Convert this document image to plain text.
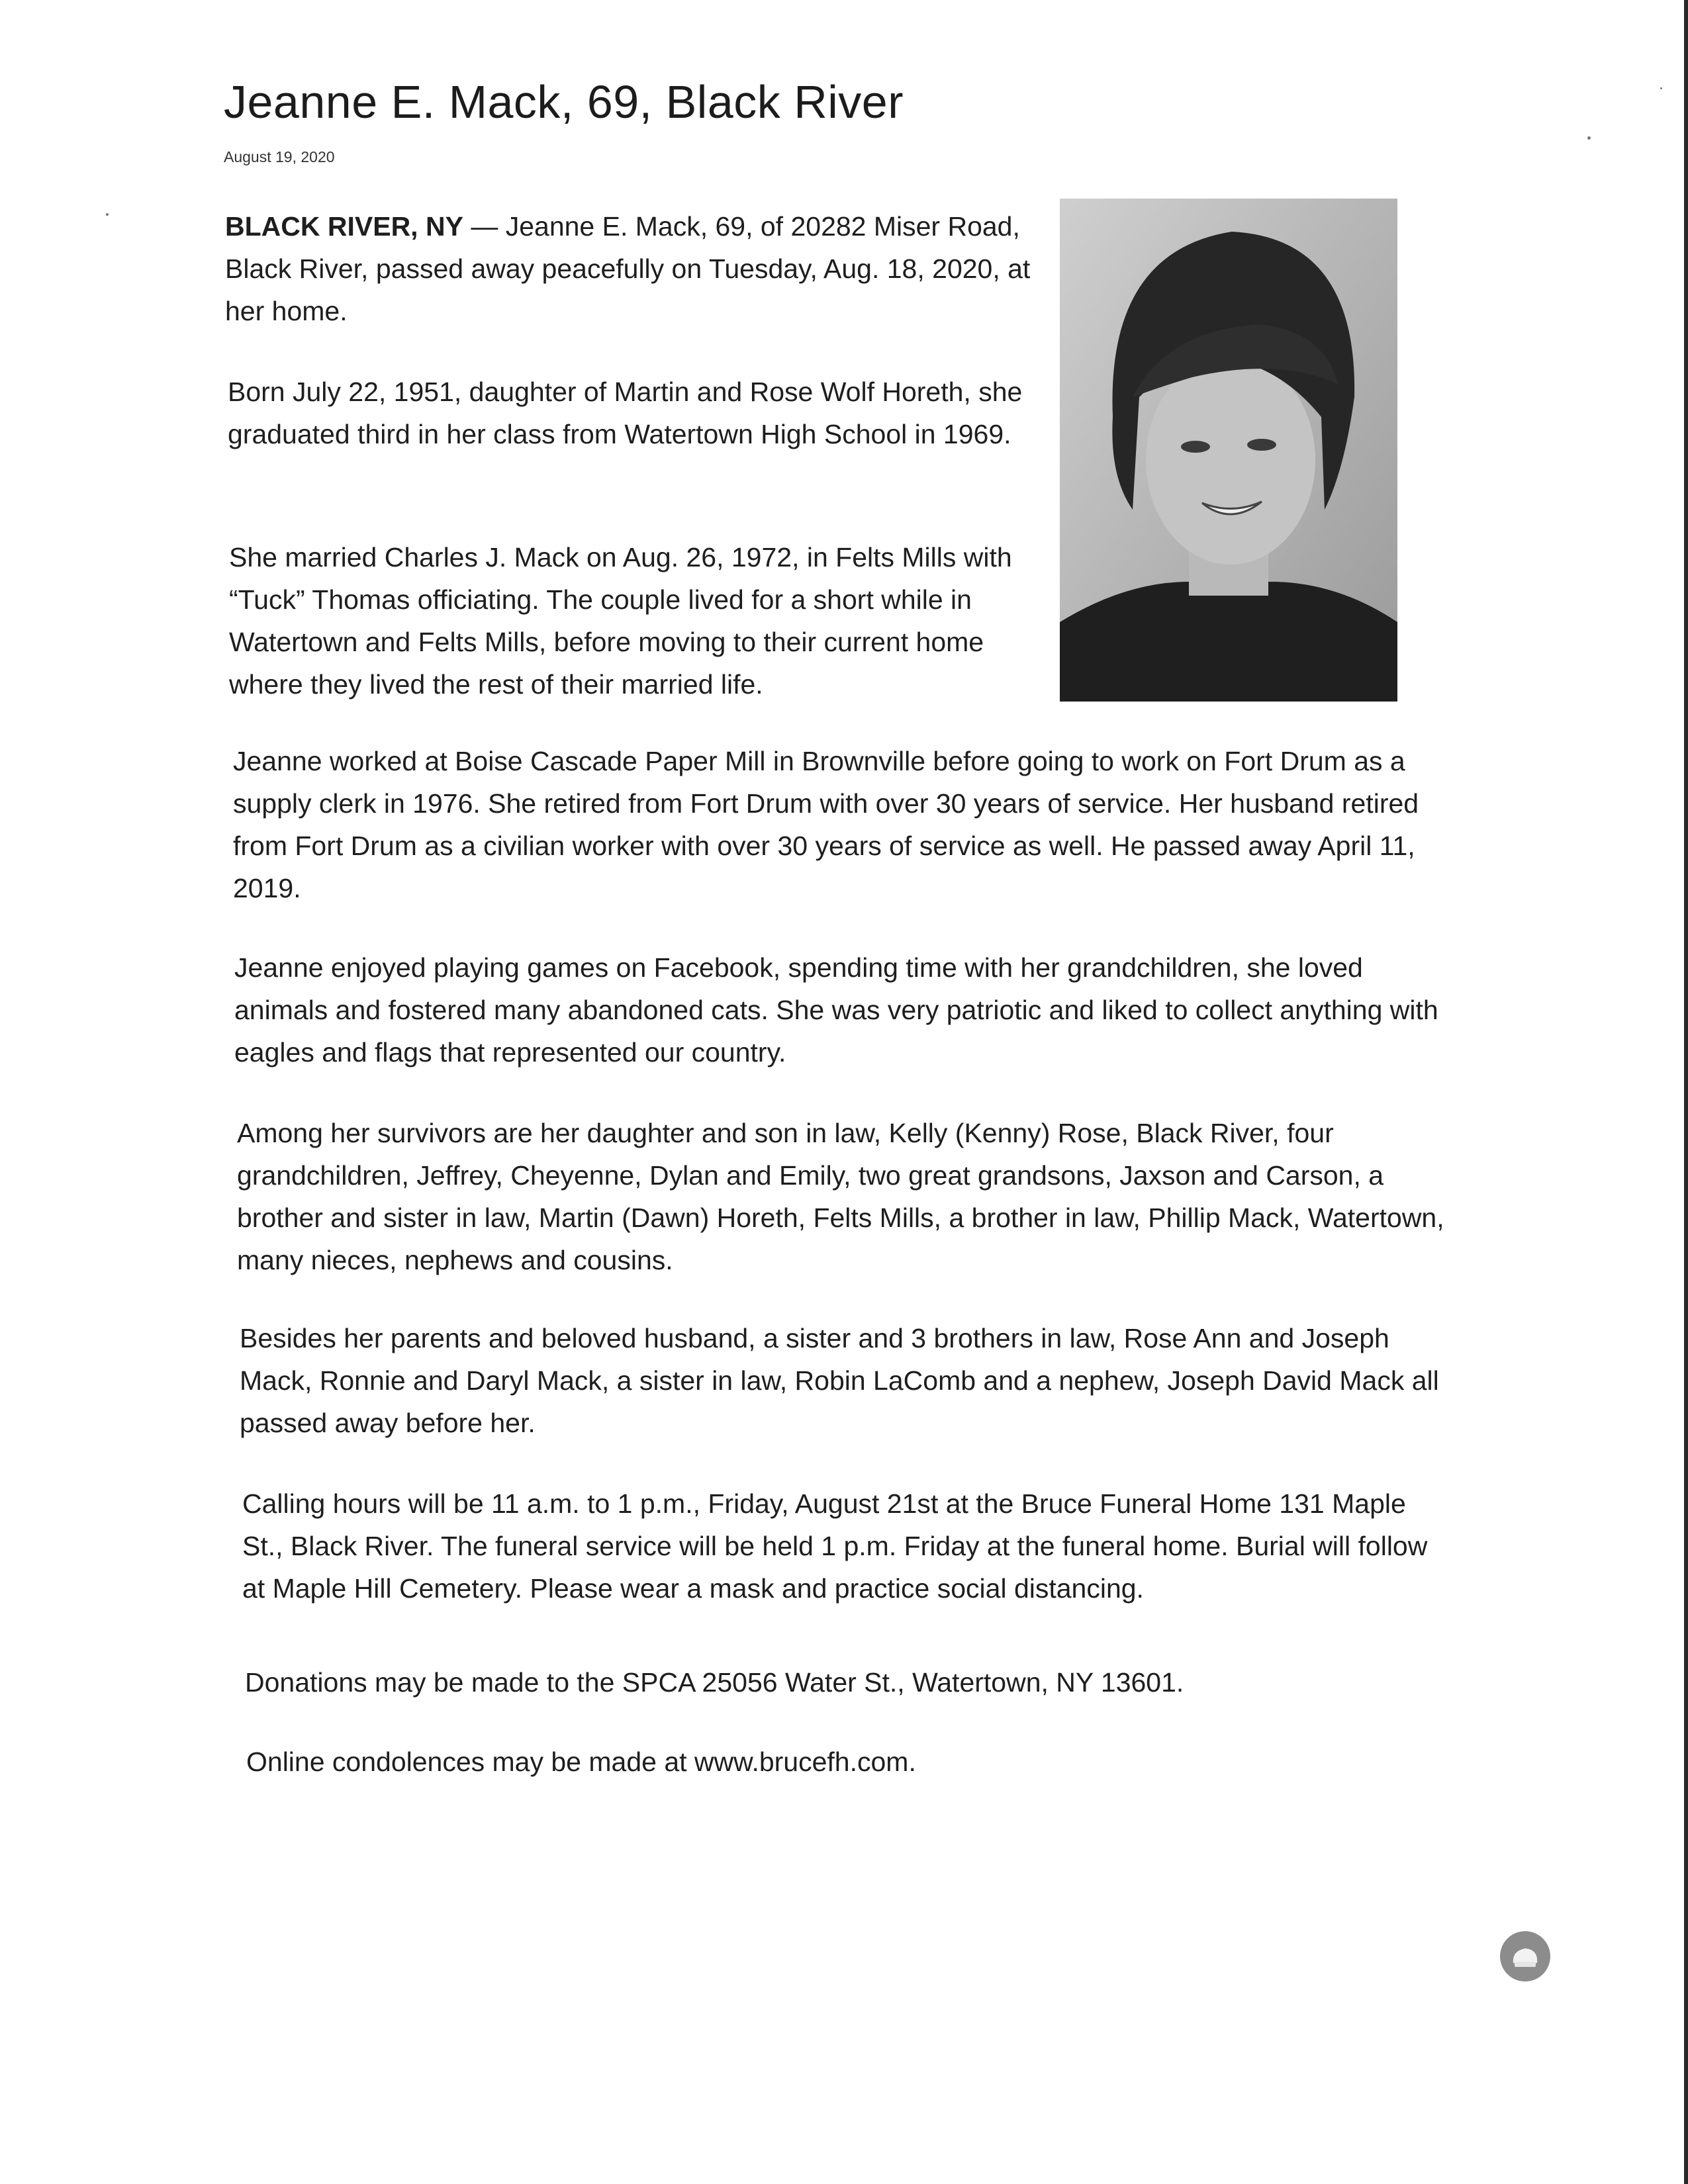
Jeanne E. Mack, 69, Black River
August 19, 2020

BLACK RIVER, NY — Jeanne E. Mack, 69, of 20282 Miser Road, Black River, passed away peacefully on Tuesday, Aug. 18, 2020, at her home.

Born July 22, 1951, daughter of Martin and Rose Wolf Horeth, she graduated third in her class from Watertown High School in 1969.

She married Charles J. Mack on Aug. 26, 1972, in Felts Mills with “Tuck” Thomas officiating. The couple lived for a short while in Watertown and Felts Mills, before moving to their current home where they lived the rest of their married life.

Jeanne worked at Boise Cascade Paper Mill in Brownville before going to work on Fort Drum as a supply clerk in 1976. She retired from Fort Drum with over 30 years of service. Her husband retired from Fort Drum as a civilian worker with over 30 years of service as well. He passed away April 11, 2019.

Jeanne enjoyed playing games on Facebook, spending time with her grandchildren, she loved animals and fostered many abandoned cats. She was very patriotic and liked to collect anything with eagles and flags that represented our country.

Among her survivors are her daughter and son in law, Kelly (Kenny) Rose, Black River, four grandchildren, Jeffrey, Cheyenne, Dylan and Emily, two great grandsons, Jaxson and Carson, a brother and sister in law, Martin (Dawn) Horeth, Felts Mills, a brother in law, Phillip Mack, Watertown, many nieces, nephews and cousins.

Besides her parents and beloved husband, a sister and 3 brothers in law, Rose Ann and Joseph Mack, Ronnie and Daryl Mack, a sister in law, Robin LaComb and a nephew, Joseph David Mack all passed away before her.

Calling hours will be 11 a.m. to 1 p.m., Friday, August 21st at the Bruce Funeral Home 131 Maple St., Black River. The funeral service will be held 1 p.m. Friday at the funeral home. Burial will follow at Maple Hill Cemetery. Please wear a mask and practice social distancing.

Donations may be made to the SPCA 25056 Water St., Watertown, NY 13601.

Online condolences may be made at www.brucefh.com.
